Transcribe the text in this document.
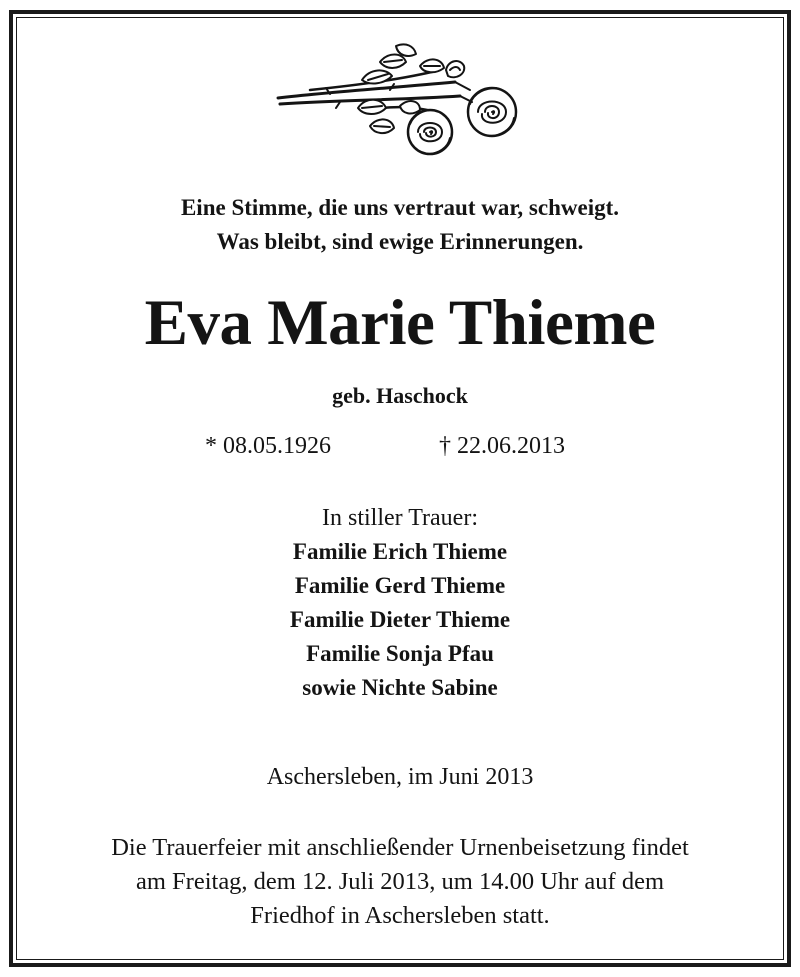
Eine Stimme, die uns vertraut war, schweigt.
Was bleibt, sind ewige Erinnerungen.
Eva Marie Thieme
geb. Haschock
* 08.05.1926	† 22.06.2013
In stiller Trauer:
Familie Erich Thieme
Familie Gerd Thieme
Familie Dieter Thieme
Familie Sonja Pfau
sowie Nichte Sabine
Aschersleben, im Juni 2013
Die Trauerfeier mit anschließender Urnenbeisetzung findet
am Freitag, dem 12. Juli 2013, um 14.00 Uhr auf dem
Friedhof in Aschersleben statt.
